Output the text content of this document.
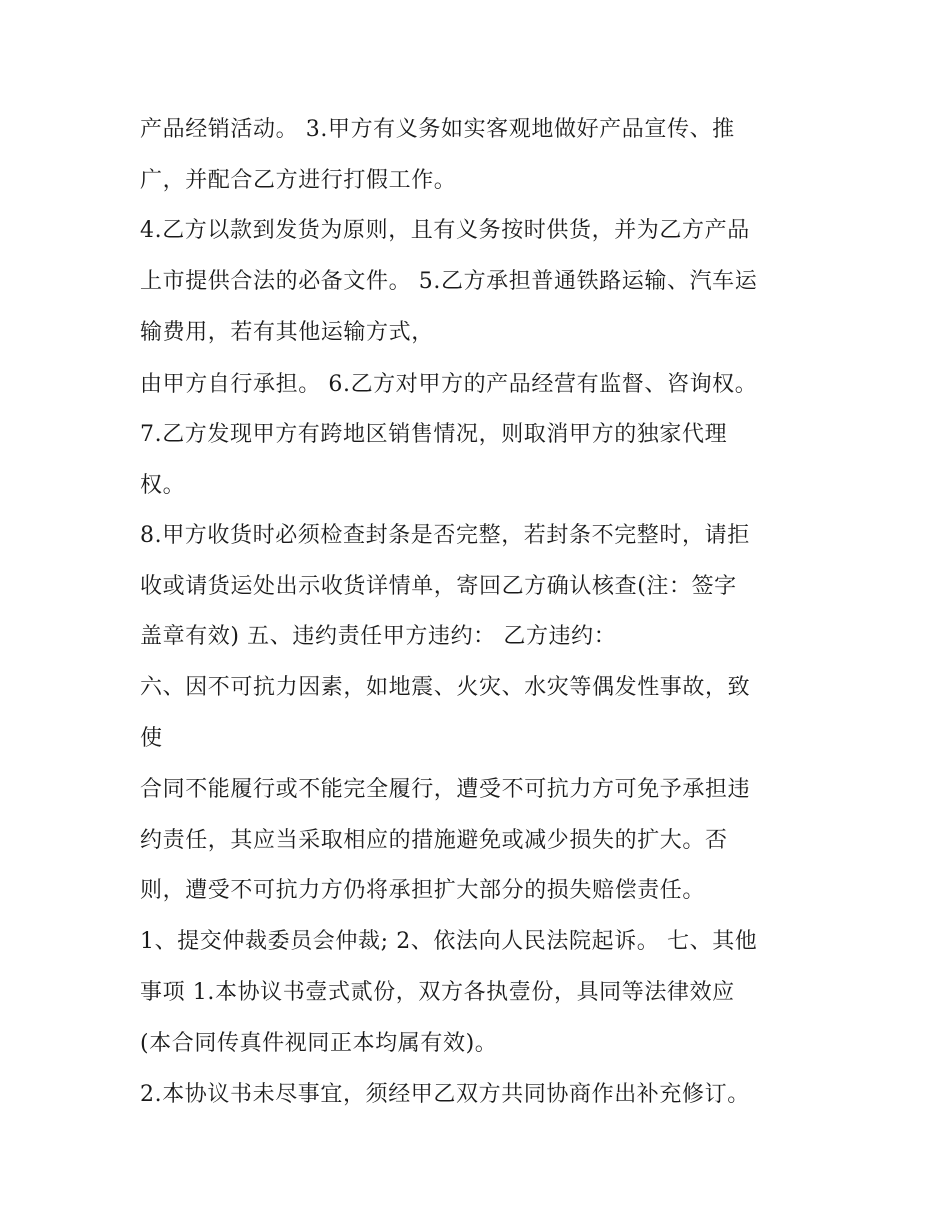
产品经销活动。 3.甲方有义务如实客观地做好产品宣传、推
广，并配合乙方进行打假工作。
4.乙方以款到发货为原则，且有义务按时供货，并为乙方产品
上市提供合法的必备文件。 5.乙方承担普通铁路运输、汽车运
输费用，若有其他运输方式，
由甲方自行承担。 6.乙方对甲方的产品经营有监督、咨询权。
7.乙方发现甲方有跨地区销售情况，则取消甲方的独家代理
权。
8.甲方收货时必须检查封条是否完整，若封条不完整时，请拒
收或请货运处出示收货详情单，寄回乙方确认核查(注：签字
盖章有效) 五、违约责任甲方违约： 乙方违约：
六、因不可抗力因素，如地震、火灾、水灾等偶发性事故，致
使
合同不能履行或不能完全履行，遭受不可抗力方可免予承担违
约责任，其应当采取相应的措施避免或减少损失的扩大。否
则，遭受不可抗力方仍将承担扩大部分的损失赔偿责任。
1、提交仲裁委员会仲裁; 2、依法向人民法院起诉。 七、其他
事项 1.本协议书壹式贰份，双方各执壹份，具同等法律效应
(本合同传真件视同正本均属有效)。
2.本协议书未尽事宜，须经甲乙双方共同协商作出补充修订。
